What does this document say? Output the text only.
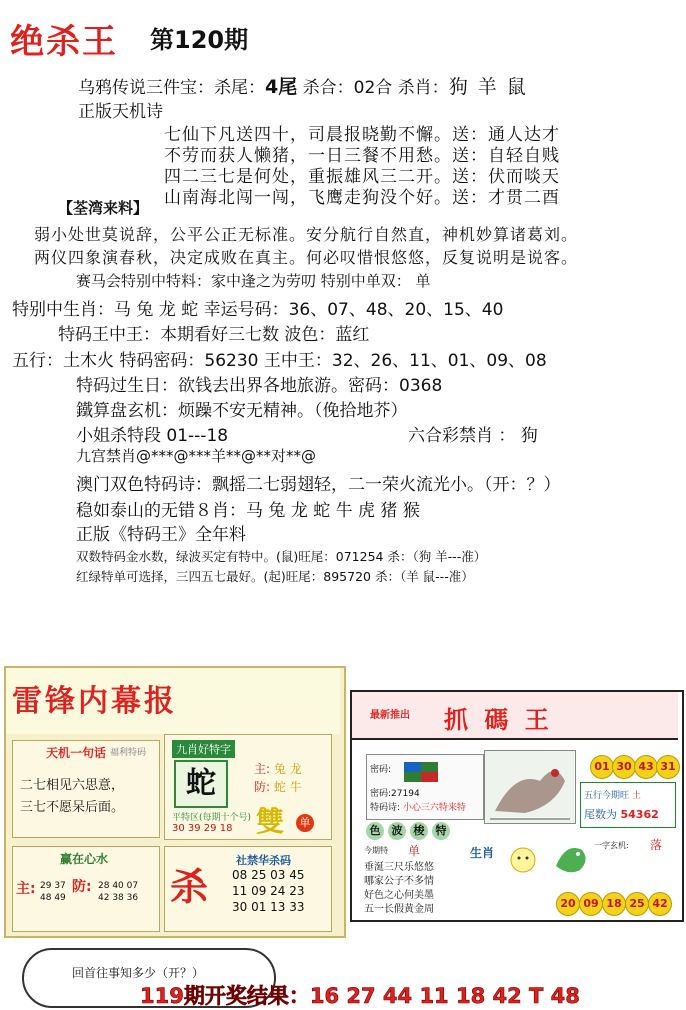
绝杀王 第120期
乌鸦传说三件宝：杀尾：4尾 杀合：02合 杀肖：狗 羊 鼠
正版天机诗
七仙下凡送四十，司晨报晓勤不懈。送：通人达才
不劳而获人懒猪，一日三餐不用愁。送：自轻自贱
四二三七是何处，重振雄风三二开。送：伏而啖天
山南海北闯一闯，飞鹰走狗没个好。送：才贯二酉
【荃湾来料】
弱小处世莫说辞，公平公正无标准。安分航行自然直，神机妙算诸葛刘。
两仪四象演春秋，决定成败在真主。何必叹惜恨悠悠，反复说明是说客。
赛马会特别中特料：家中逢之为劳叨 特别中单双： 单
特别中生肖：马 兔 龙 蛇 幸运号码：36、07、48、20、15、40
特码王中王：本期看好三七数 波色：蓝红
五行：土木火 特码密码：56230 王中王：32、26、11、01、09、08
特码过生日：欲钱去出界各地旅游。密码：0368
鐵算盘玄机：烦躁不安无精神。（俛拾地芥）
小姐杀特段 01---18	六合彩禁肖 ： 狗
九宫禁肖@***@***羊**@**对**@
澳门双色特码诗：飘摇二七弱翅轻，二一荣火流光小。（开：？）
稳如泰山的无错８肖：马 兔 龙 蛇 牛 虎 猪 猴
正版《特码王》全年料
双数特码金水数，绿波买定有特中。(鼠)旺尾：071254 杀：（狗 羊---准）
红绿特单可选择，三四五七最好。(起)旺尾：895720 杀：（羊 鼠---准）
雷锋内幕报
天机一句话 福利特码
二七相见六思意，
三七不愿呆后面。
九肖好特字
蛇	主: 兔 龙
防: 蛇 牛
平特区(每期十个号)
30 39 29 18 雙	单
赢在心水
主: 29 37
48 49
防: 28 40 07
42 38 36 杀
社禁华杀码
08 25 03 45
11 09 24 23
30 01 13 33
最新推出 抓 碼 王
密码:
密码:27194
特码诗: 小心三六特来特
01 30 43 31
五行今期旺 土
尾数为 54362
一字玄机: 落
色 波 梭 特
今期特 单
垂涎三尺乐悠悠
哪家公子不多情
好色之心何美墨
五一长假黄金周
生肖
20 09 18 25 42
回首往事知多少（开？）
119期开奖结果：16 27 44 11 18 42 T 48
